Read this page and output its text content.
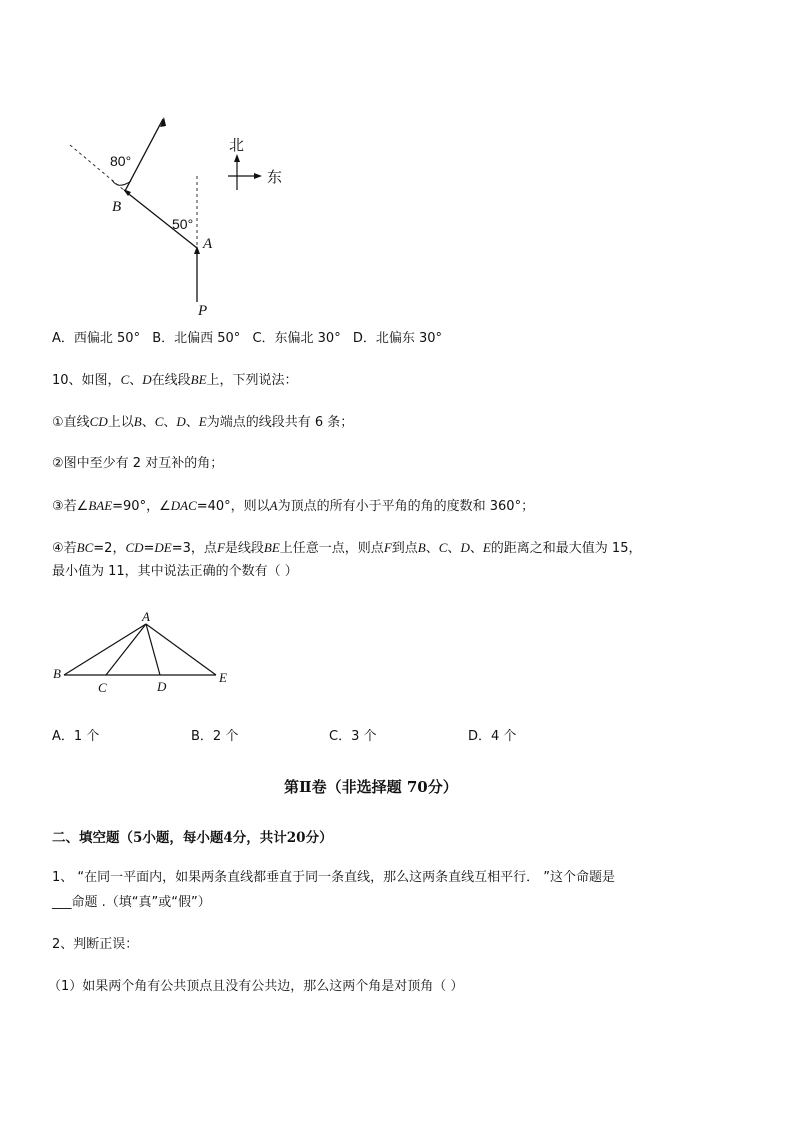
80°
50°
B
A
P
北
东
A．西偏北 50° B．北偏西 50° C．东偏北 30° D．北偏东 30°
10、如图，C、D在线段BE上，下列说法：
①直线CD上以B、C、D、E为端点的线段共有 6 条；
②图中至少有 2 对互补的角；
③若∠BAE=90°，∠DAC=40°，则以A为顶点的所有小于平角的角的度数和 360°；
④若BC=2，CD=DE=3，点F是线段BE上任意一点，则点F到点B、C、D、E的距离之和最大值为 15，
最小值为 11，其中说法正确的个数有（ ）
A
B
C	D
E
A．1 个	B．2 个	C．3 个	D．4 个
第Ⅱ卷（非选择题 70分）
二、填空题（5小题，每小题4分，共计20分）
1、 “在同一平面内，如果两条直线都垂直于同一条直线，那么这两条直线互相平行． ”这个命题是
___命题 .（填“真”或“假”）
2、判断正误：
（1）如果两个角有公共顶点且没有公共边，那么这两个角是对顶角（ ）
